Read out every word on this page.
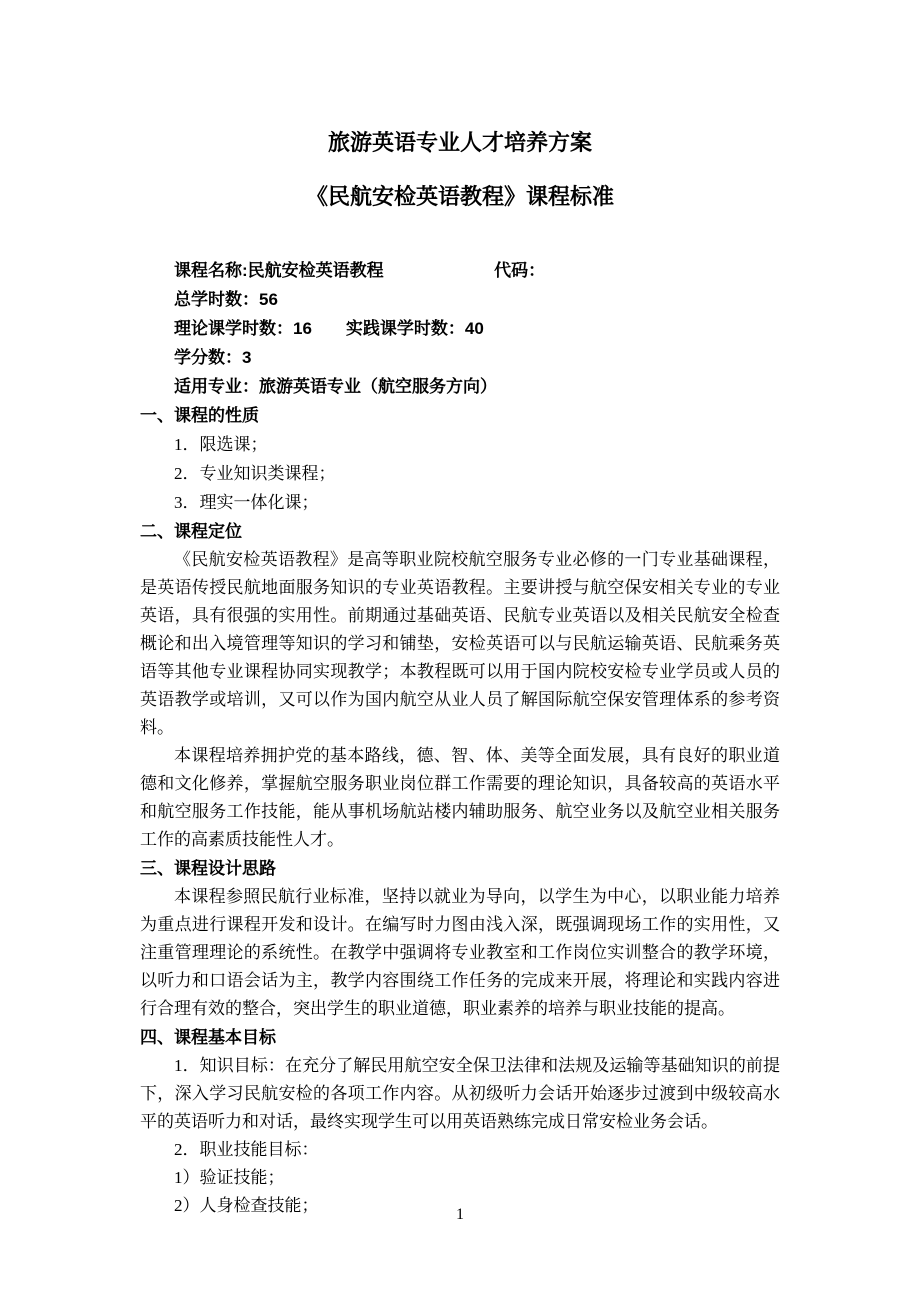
旅游英语专业人才培养方案
《民航安检英语教程》课程标准
课程名称:民航安检英语教程	代码：
总学时数：56
理论课学时数：16 实践课学时数：40
学分数：3
适用专业：旅游英语专业（航空服务方向）
一、课程的性质
1．限选课；
2．专业知识类课程；
3．理实一体化课；
二、课程定位
《民航安检英语教程》是高等职业院校航空服务专业必修的一门专业基础课程，是英语传授民航地面服务知识的专业英语教程。主要讲授与航空保安相关专业的专业英语，具有很强的实用性。前期通过基础英语、民航专业英语以及相关民航安全检查概论和出入境管理等知识的学习和铺垫，安检英语可以与民航运输英语、民航乘务英语等其他专业课程协同实现教学；本教程既可以用于国内院校安检专业学员或人员的英语教学或培训，又可以作为国内航空从业人员了解国际航空保安管理体系的参考资料。
本课程培养拥护党的基本路线，德、智、体、美等全面发展，具有良好的职业道德和文化修养，掌握航空服务职业岗位群工作需要的理论知识，具备较高的英语水平和航空服务工作技能，能从事机场航站楼内辅助服务、航空业务以及航空业相关服务工作的高素质技能性人才。
三、课程设计思路
本课程参照民航行业标准，坚持以就业为导向，以学生为中心，以职业能力培养为重点进行课程开发和设计。在编写时力图由浅入深，既强调现场工作的实用性，又注重管理理论的系统性。在教学中强调将专业教室和工作岗位实训整合的教学环境，以听力和口语会话为主，教学内容围绕工作任务的完成来开展，将理论和实践内容进行合理有效的整合，突出学生的职业道德，职业素养的培养与职业技能的提高。
四、课程基本目标
1．知识目标：在充分了解民用航空安全保卫法律和法规及运输等基础知识的前提下，深入学习民航安检的各项工作内容。从初级听力会话开始逐步过渡到中级较高水平的英语听力和对话，最终实现学生可以用英语熟练完成日常安检业务会话。
2．职业技能目标：
1）验证技能；
2）人身检查技能；	1
